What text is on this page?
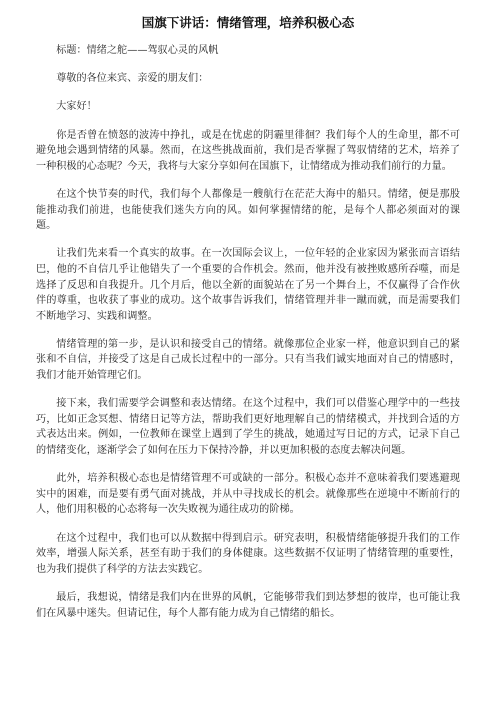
国旗下讲话：情绪管理，培养积极心态
标题：情绪之舵——驾驭心灵的风帆
尊敬的各位来宾、亲爱的朋友们：
大家好！
你是否曾在愤怒的波涛中挣扎，或是在忧虑的阴霾里徘徊？我们每个人的生命里，都不可避免地会遇到情绪的风暴。然而，在这些挑战面前，我们是否掌握了驾驭情绪的艺术，培养了一种积极的心态呢？今天，我将与大家分享如何在国旗下，让情绪成为推动我们前行的力量。
在这个快节奏的时代，我们每个人都像是一艘航行在茫茫大海中的船只。情绪，便是那股能推动我们前进，也能使我们迷失方向的风。如何掌握情绪的舵，是每个人都必须面对的课题。
让我们先来看一个真实的故事。在一次国际会议上，一位年轻的企业家因为紧张而言语结巴，他的不自信几乎让他错失了一个重要的合作机会。然而，他并没有被挫败感所吞噬，而是选择了反思和自我提升。几个月后，他以全新的面貌站在了另一个舞台上，不仅赢得了合作伙伴的尊重，也收获了事业的成功。这个故事告诉我们，情绪管理并非一蹴而就，而是需要我们不断地学习、实践和调整。
情绪管理的第一步，是认识和接受自己的情绪。就像那位企业家一样，他意识到自己的紧张和不自信，并接受了这是自己成长过程中的一部分。只有当我们诚实地面对自己的情感时，我们才能开始管理它们。
接下来，我们需要学会调整和表达情绪。在这个过程中，我们可以借鉴心理学中的一些技巧，比如正念冥想、情绪日记等方法，帮助我们更好地理解自己的情绪模式，并找到合适的方式表达出来。例如，一位教师在课堂上遇到了学生的挑战，她通过写日记的方式，记录下自己的情绪变化，逐渐学会了如何在压力下保持冷静，并以更加积极的态度去解决问题。
此外，培养积极心态也是情绪管理不可或缺的一部分。积极心态并不意味着我们要逃避现实中的困难，而是要有勇气面对挑战，并从中寻找成长的机会。就像那些在逆境中不断前行的人，他们用积极的心态将每一次失败视为通往成功的阶梯。
在这个过程中，我们也可以从数据中得到启示。研究表明，积极情绪能够提升我们的工作效率，增强人际关系，甚至有助于我们的身体健康。这些数据不仅证明了情绪管理的重要性，也为我们提供了科学的方法去实践它。
最后，我想说，情绪是我们内在世界的风帆，它能够带我们到达梦想的彼岸，也可能让我们在风暴中迷失。但请记住，每个人都有能力成为自己情绪的船长。
